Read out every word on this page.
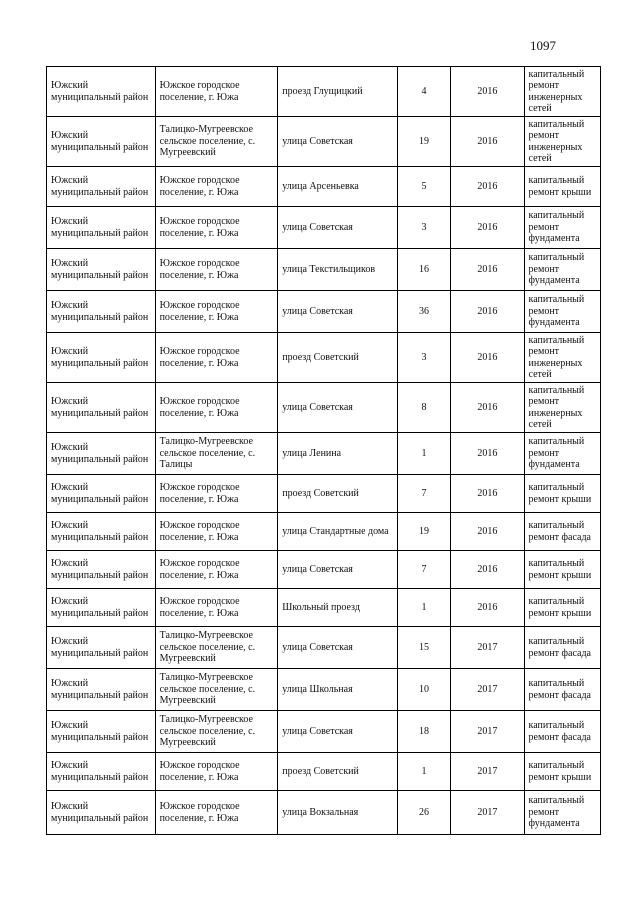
1097
Южский муниципальный район	Южское городское поселение, г. Южа	проезд Глущицкий	4	2016	капитальный ремонт инженерных сетей
Южский муниципальный район	Талицко-Мугреевское сельское поселение, с. Мугреевский	улица Советская	19	2016	капитальный ремонт инженерных сетей
Южский муниципальный район	Южское городское поселение, г. Южа	улица Арсеньевка	5	2016	капитальный ремонт крыши
Южский муниципальный район	Южское городское поселение, г. Южа	улица Советская	3	2016	капитальный ремонт фундамента
Южский муниципальный район	Южское городское поселение, г. Южа	улица Текстильщиков	16	2016	капитальный ремонт фундамента
Южский муниципальный район	Южское городское поселение, г. Южа	улица Советская	36	2016	капитальный ремонт фундамента
Южский муниципальный район	Южское городское поселение, г. Южа	проезд Советский	3	2016	капитальный ремонт инженерных сетей
Южский муниципальный район	Южское городское поселение, г. Южа	улица Советская	8	2016	капитальный ремонт инженерных сетей
Южский муниципальный район	Талицко-Мугреевское сельское поселение, с. Талицы	улица Ленина	1	2016	капитальный ремонт фундамента
Южский муниципальный район	Южское городское поселение, г. Южа	проезд Советский	7	2016	капитальный ремонт крыши
Южский муниципальный район	Южское городское поселение, г. Южа	улица Стандартные дома	19	2016	капитальный ремонт фасада
Южский муниципальный район	Южское городское поселение, г. Южа	улица Советская	7	2016	капитальный ремонт крыши
Южский муниципальный район	Южское городское поселение, г. Южа	Школьный проезд	1	2016	капитальный ремонт крыши
Южский муниципальный район	Талицко-Мугреевское сельское поселение, с. Мугреевский	улица Советская	15	2017	капитальный ремонт фасада
Южский муниципальный район	Талицко-Мугреевское сельское поселение, с. Мугреевский	улица Школьная	10	2017	капитальный ремонт фасада
Южский муниципальный район	Талицко-Мугреевское сельское поселение, с. Мугреевский	улица Советская	18	2017	капитальный ремонт фасада
Южский муниципальный район	Южское городское поселение, г. Южа	проезд Советский	1	2017	капитальный ремонт крыши
Южский муниципальный район	Южское городское поселение, г. Южа	улица Вокзальная	26	2017	капитальный ремонт фундамента
